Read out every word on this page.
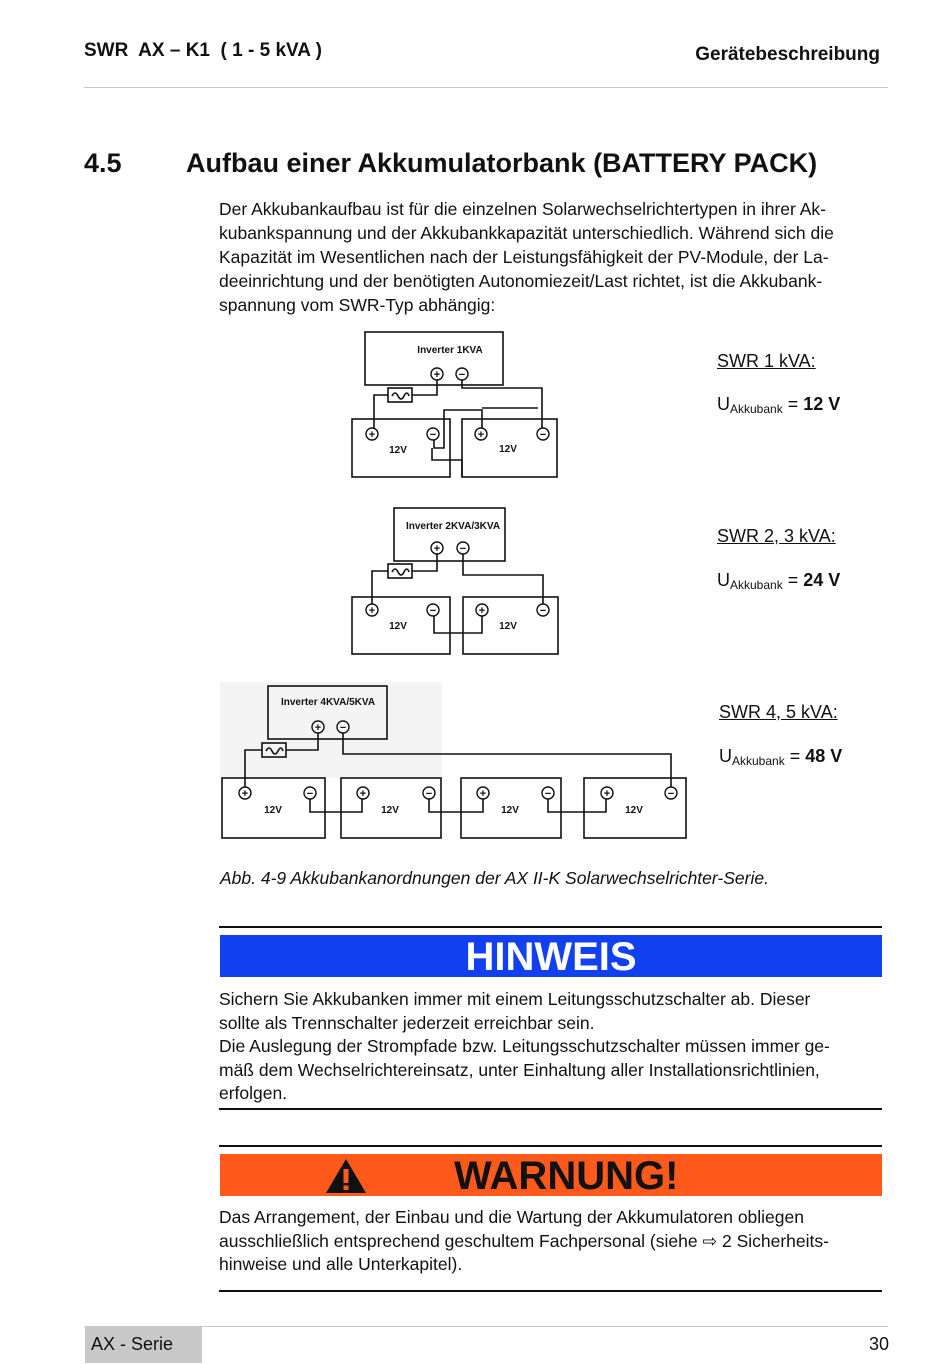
SWR  AX – K1  ( 1 - 5 kVA )	Gerätebeschreibung
4.5 Aufbau einer Akkumulatorbank (BATTERY PACK)
Der Akkubankaufbau ist für die einzelnen Solarwechselrichtertypen in ihrer Ak-
kubankspannung und der Akkubankkapazität unterschiedlich. Während sich die
Kapazität im Wesentlichen nach der Leistungsfähigkeit der PV-Module, der La-
deeinrichtung und der benötigten Autonomiezeit/Last richtet, ist die Akkubank-
spannung vom SWR-Typ abhängig:
Inverter 1KVA
12V	12V
+ −
+	−	+	−
Inverter 2KVA/3KVA
12V	12V
+ −
+	−	+	−
Inverter 4KVA/5KVA
12V	12V	12V	12V
+ −
+	−	+	−	+	−	+	−
SWR 1 kVA:
$U_{Akkubank} = 12$ V
SWR 2, 3 kVA:
$U_{Akkubank} = 24$ V
SWR 4, 5 kVA:
$U_{Akkubank} = 48$ V
Abb. 4-9 Akkubankanordnungen der AX II-K Solarwechselrichter-Serie.
HINWEIS
Sichern Sie Akkubanken immer mit einem Leitungsschutzschalter ab. Dieser
sollte als Trennschalter jederzeit erreichbar sein.
Die Auslegung der Strompfade bzw. Leitungsschutzschalter müssen immer ge-
mäß dem Wechselrichtereinsatz, unter Einhaltung aller Installationsrichtlinien,
erfolgen.
WARNUNG!
Das Arrangement, der Einbau und die Wartung der Akkumulatoren obliegen
ausschließlich entsprechend geschultem Fachpersonal (siehe ⇨ 2 Sicherheits-
hinweise und alle Unterkapitel).
AX - Serie	30
